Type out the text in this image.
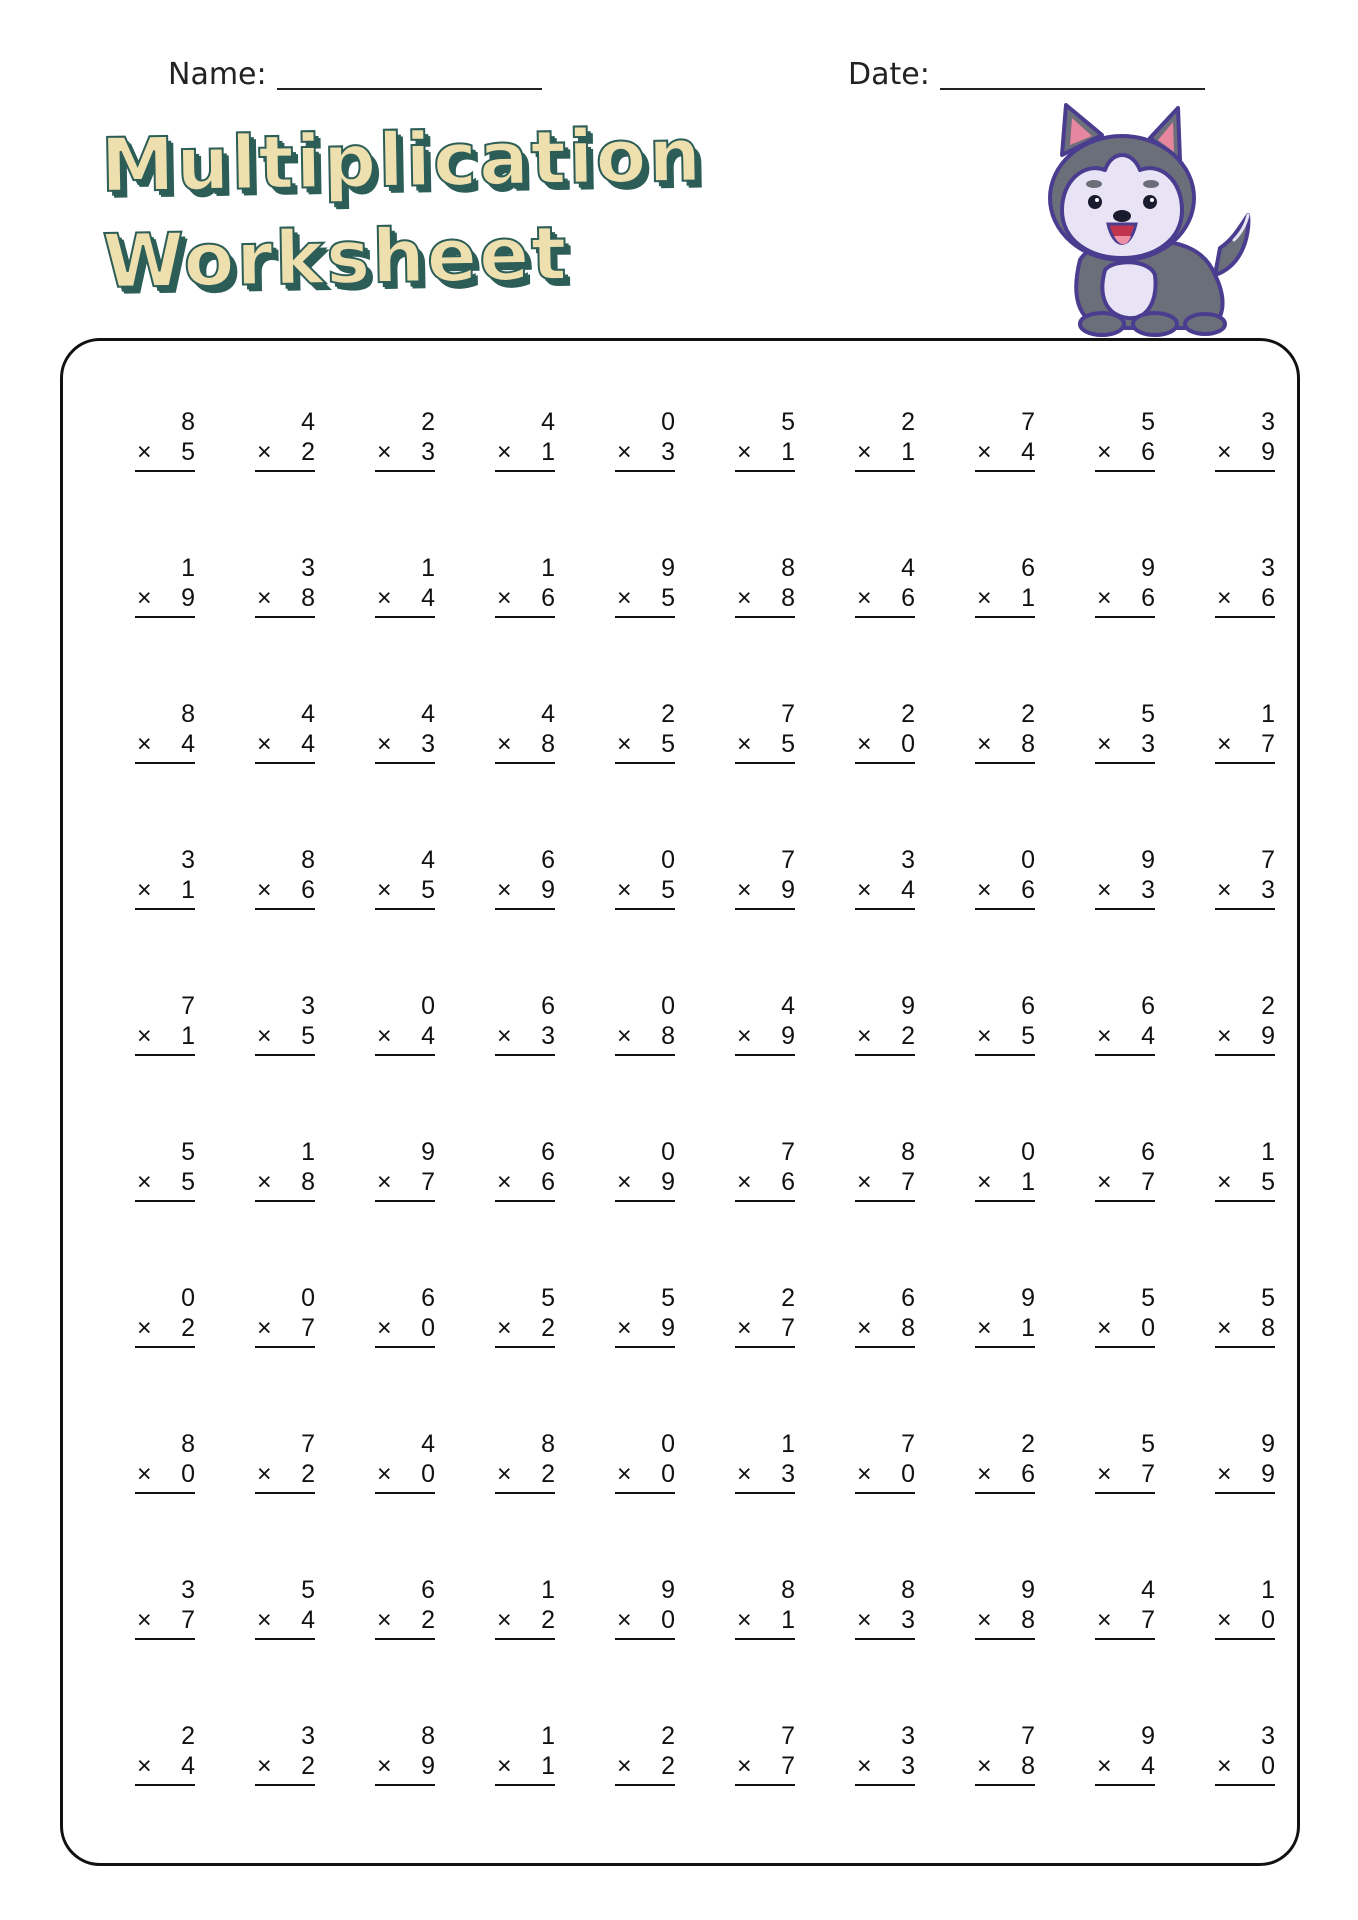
Name:	Date:
Multiplication
Worksheet
8
×	5
4
×	2
2
×	3
4
×	1
0
×	3
5
×	1
2
×	1
7
×	4
5
×	6
3
×	9
1
×	9
3
×	8
1
×	4
1
×	6
9
×	5
8
×	8
4
×	6
6
×	1
9
×	6
3
×	6
8
×	4
4
×	4
4
×	3
4
×	8
2
×	5
7
×	5
2
×	0
2
×	8
5
×	3
1
×	7
3
×	1
8
×	6
4
×	5
6
×	9
0
×	5
7
×	9
3
×	4
0
×	6
9
×	3
7
×	3
7
×	1
3
×	5
0
×	4
6
×	3
0
×	8
4
×	9
9
×	2
6
×	5
6
×	4
2
×	9
5
×	5
1
×	8
9
×	7
6
×	6
0
×	9
7
×	6
8
×	7
0
×	1
6
×	7
1
×	5
0
×	2
0
×	7
6
×	0
5
×	2
5
×	9
2
×	7
6
×	8
9
×	1
5
×	0
5
×	8
8
×	0
7
×	2
4
×	0
8
×	2
0
×	0
1
×	3
7
×	0
2
×	6
5
×	7
9
×	9
3
×	7
5
×	4
6
×	2
1
×	2
9
×	0
8
×	1
8
×	3
9
×	8
4
×	7
1
×	0
2
×	4
3
×	2
8
×	9
1
×	1
2
×	2
7
×	7
3
×	3
7
×	8
9
×	4
3
×	0
